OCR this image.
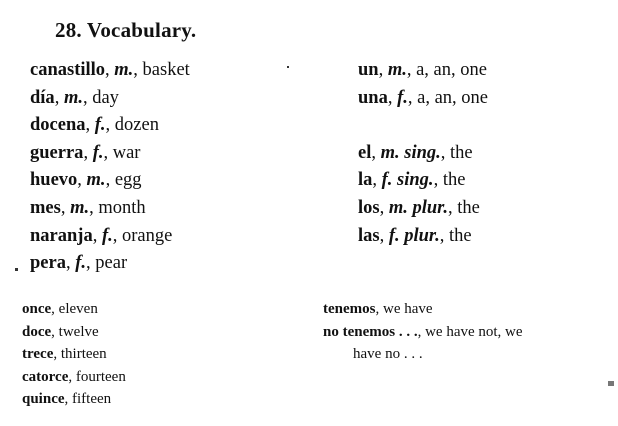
28. Vocabulary.
canastillo, m., basket
día, m., day
docena, f., dozen
guerra, f., war
huevo, m., egg
mes, m., month
naranja, f., orange
pera, f., pear
un, m., a, an, one
una, f., a, an, one
el, m. sing., the
la, f. sing., the
los, m. plur., the
las, f. plur., the
once, eleven
doce, twelve
trece, thirteen
catorce, fourteen
quince, fifteen
tenemos, we have
no tenemos . . ., we have not, we
have no . . .
